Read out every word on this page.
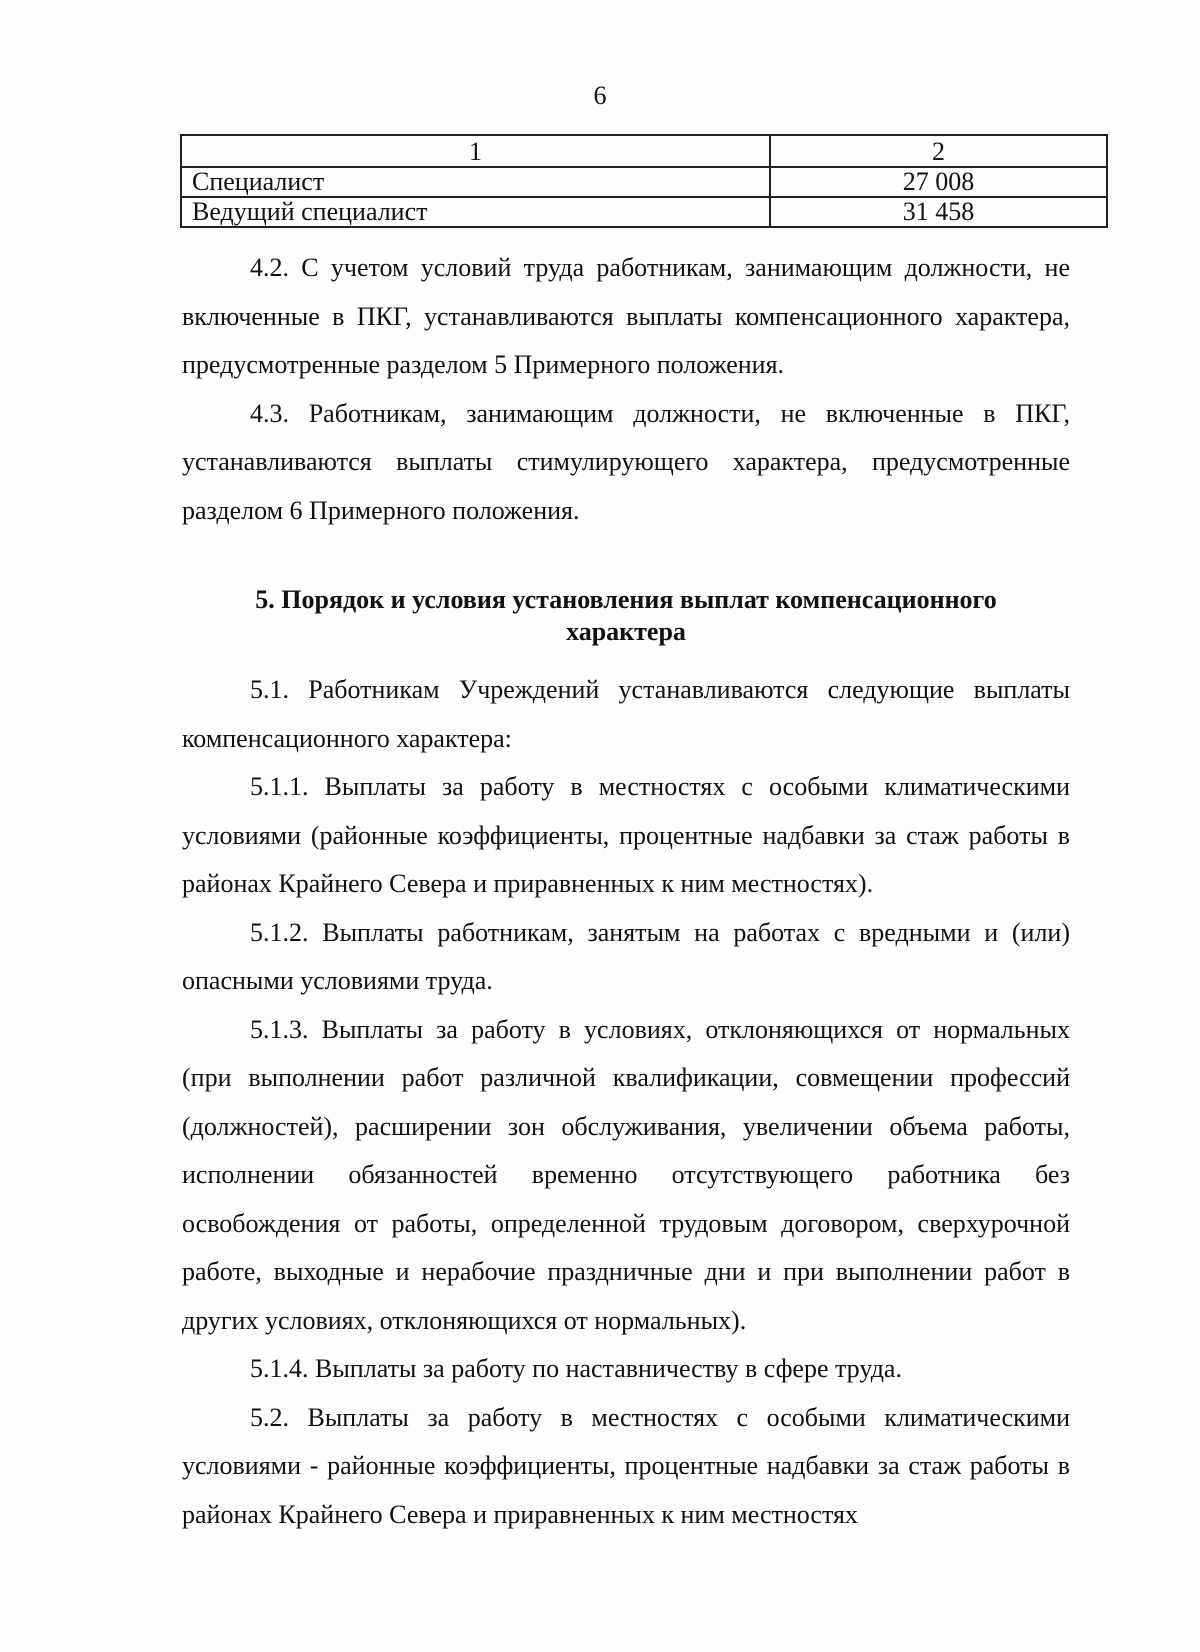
6
1	2
Специалист	27 008
Ведущий специалист	31 458

4.2. С учетом условий труда работникам, занимающим должности, не включенные в ПКГ, устанавливаются выплаты компенсационного характера, предусмотренные разделом 5 Примерного положения.

4.3. Работникам, занимающим должности, не включенные в ПКГ, устанавливаются выплаты стимулирующего характера, предусмотренные разделом 6 Примерного положения.

5. Порядок и условия установления выплат компенсационного
характера

5.1. Работникам Учреждений устанавливаются следующие выплаты компенсационного характера:

5.1.1. Выплаты за работу в местностях с особыми климатическими условиями (районные коэффициенты, процентные надбавки за стаж работы в районах Крайнего Севера и приравненных к ним местностях).

5.1.2. Выплаты работникам, занятым на работах с вредными и (или) опасными условиями труда.

5.1.3. Выплаты за работу в условиях, отклоняющихся от нормальных (при выполнении работ различной квалификации, совмещении профессий (должностей), расширении зон обслуживания, увеличении объема работы, исполнении обязанностей временно отсутствующего работника без освобождения от работы, определенной трудовым договором, сверхурочной работе, выходные и нерабочие праздничные дни и при выполнении работ в других условиях, отклоняющихся от нормальных).

5.1.4. Выплаты за работу по наставничеству в сфере труда.

5.2. Выплаты за работу в местностях с особыми климатическими условиями - районные коэффициенты, процентные надбавки за стаж работы в районах Крайнего Севера и приравненных к ним местностях
